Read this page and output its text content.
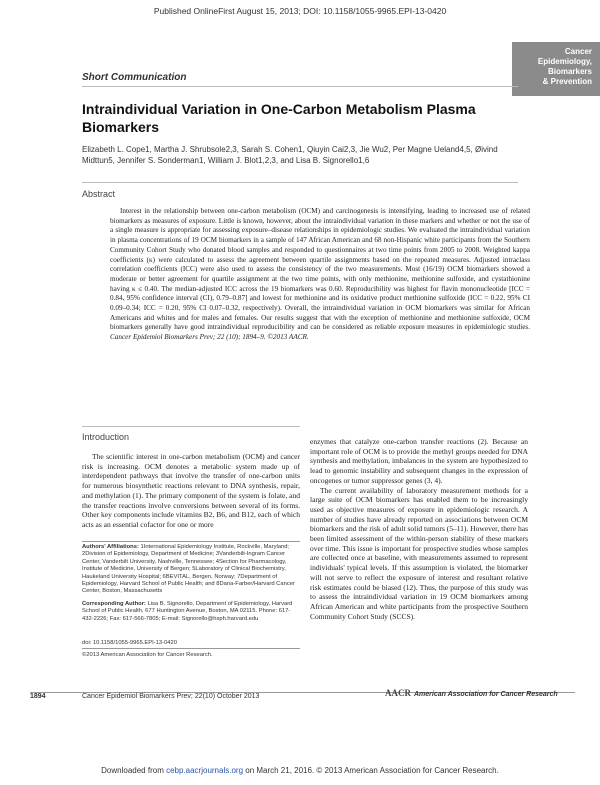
Published OnlineFirst August 15, 2013; DOI: 10.1158/1055-9965.EPI-13-0420
Cancer
Epidemiology,
Biomarkers
& Prevention
Short Communication
Intraindividual Variation in One-Carbon Metabolism Plasma Biomarkers
Elizabeth L. Cope1, Martha J. Shrubsole2,3, Sarah S. Cohen1, Qiuyin Cai2,3, Jie Wu2, Per Magne Ueland4,5, Øivind Midttun5, Jennifer S. Sonderman1, William J. Blot1,2,3, and Lisa B. Signorello1,6
Abstract
Interest in the relationship between one-carbon metabolism (OCM) and carcinogenesis is intensifying, leading to increased use of related biomarkers as measures of exposure. Little is known, however, about the intraindividual variation in these markers and whether or not the use of a single measure is appropriate for assessing exposure–disease relationships in epidemiologic studies. We evaluated the intraindividual variation in plasma concentrations of 19 OCM biomarkers in a sample of 147 African American and 68 non-Hispanic white participants from the Southern Community Cohort Study who donated blood samples and responded to questionnaires at two time points from 2005 to 2008. Weighted kappa coefficients (κ) were calculated to assess the agreement between quartile assignments based on the repeated measures. Adjusted intraclass correlation coefficients (ICC) were also used to assess the consistency of the two measurements. Most (16/19) OCM biomarkers showed a moderate or better agreement for quartile assignment at the two time points, with only methionine, methionine sulfoxide, and cystathionine having κ ≤ 0.40. The median-adjusted ICC across the 19 biomarkers was 0.60. Reproducibility was highest for flavin mononucleotide [ICC = 0.84, 95% confidence interval (CI), 0.79–0.87] and lowest for methionine and its oxidative product methionine sulfoxide (ICC = 0.22, 95% CI 0.09–0.34; ICC = 0.20, 95% CI 0.07–0.32, respectively). Overall, the intraindividual variation in OCM biomarkers was similar for African Americans and whites and for males and females. Our results suggest that with the exception of methionine and methionine sulfoxide, OCM biomarkers generally have good intraindividual reproducibility and can be considered as reliable exposure measures in epidemiologic studies. Cancer Epidemiol Biomarkers Prev; 22 (10); 1894–9. ©2013 AACR.
Introduction

The scientific interest in one-carbon metabolism (OCM) and cancer risk is increasing. OCM denotes a metabolic system made up of interdependent pathways that involve the transfer of one-carbon units for numerous biosynthetic reactions relevant to DNA synthesis, repair, and methylation (1). The primary component of the system is folate, and the transfer reactions involve conversions between several of its forms. Other key components include vitamins B2, B6, and B12, each of which acts as an essential cofactor for one or more

enzymes that catalyze one-carbon transfer reactions (2). Because an important role of OCM is to provide the methyl groups needed for DNA synthesis and methylation, imbalances in the system are hypothesized to lead to genomic instability and subsequent changes in the expression of oncogenes or tumor suppressor genes (3, 4).

The current availability of laboratory measurement methods for a large suite of OCM biomarkers has enabled them to be increasingly used as objective measures of exposure in epidemiologic research. A number of studies have already reported on associations between OCM biomarkers and the risk of adult solid tumors (5–11). However, there has been limited assessment of the within-person stability of these markers over time. This issue is important for prospective studies whose samples are collected once at baseline, with measurements assumed to represent individuals' typical levels. If this assumption is violated, the biomarker will not serve to reflect the exposure of interest and resultant relative risk estimates could be biased (12). Thus, the purpose of this study was to assess the intraindividual variation in 19 OCM biomarkers among African American and white participants from the prospective Southern Community Cohort Study (SCCS).

Authors' Affiliations: 1International Epidemiology Institute, Rockville, Maryland; 2Division of Epidemiology, Department of Medicine; 3Vanderbilt-Ingram Cancer Center, Vanderbilt University, Nashville, Tennessee; 4Section for Pharmacology, Institute of Medicine, University of Bergen; 5Laboratory of Clinical Biochemistry, Haukeland University Hospital; 6BEVITAL, Bergen, Norway; 7Department of Epidemiology, Harvard School of Public Health; and 8Dana-Farber/Harvard Cancer Center, Boston, Massachusetts
Corresponding Author: Lisa B. Signorello, Department of Epidemiology, Harvard School of Public Health, 677 Huntington Avenue, Boston, MA 02115. Phone: 617-432-2226; Fax: 617-566-7805; E-mail: Signorello@hsph.harvard.edu
doi: 10.1158/1055-9965.EPI-13-0420
©2013 American Association for Cancer Research.
1894	Cancer Epidemiol Biomarkers Prev; 22(10) October 2013	AACR American Association for Cancer Research
Downloaded from cebp.aacrjournals.org on March 21, 2016. © 2013 American Association for Cancer Research.
